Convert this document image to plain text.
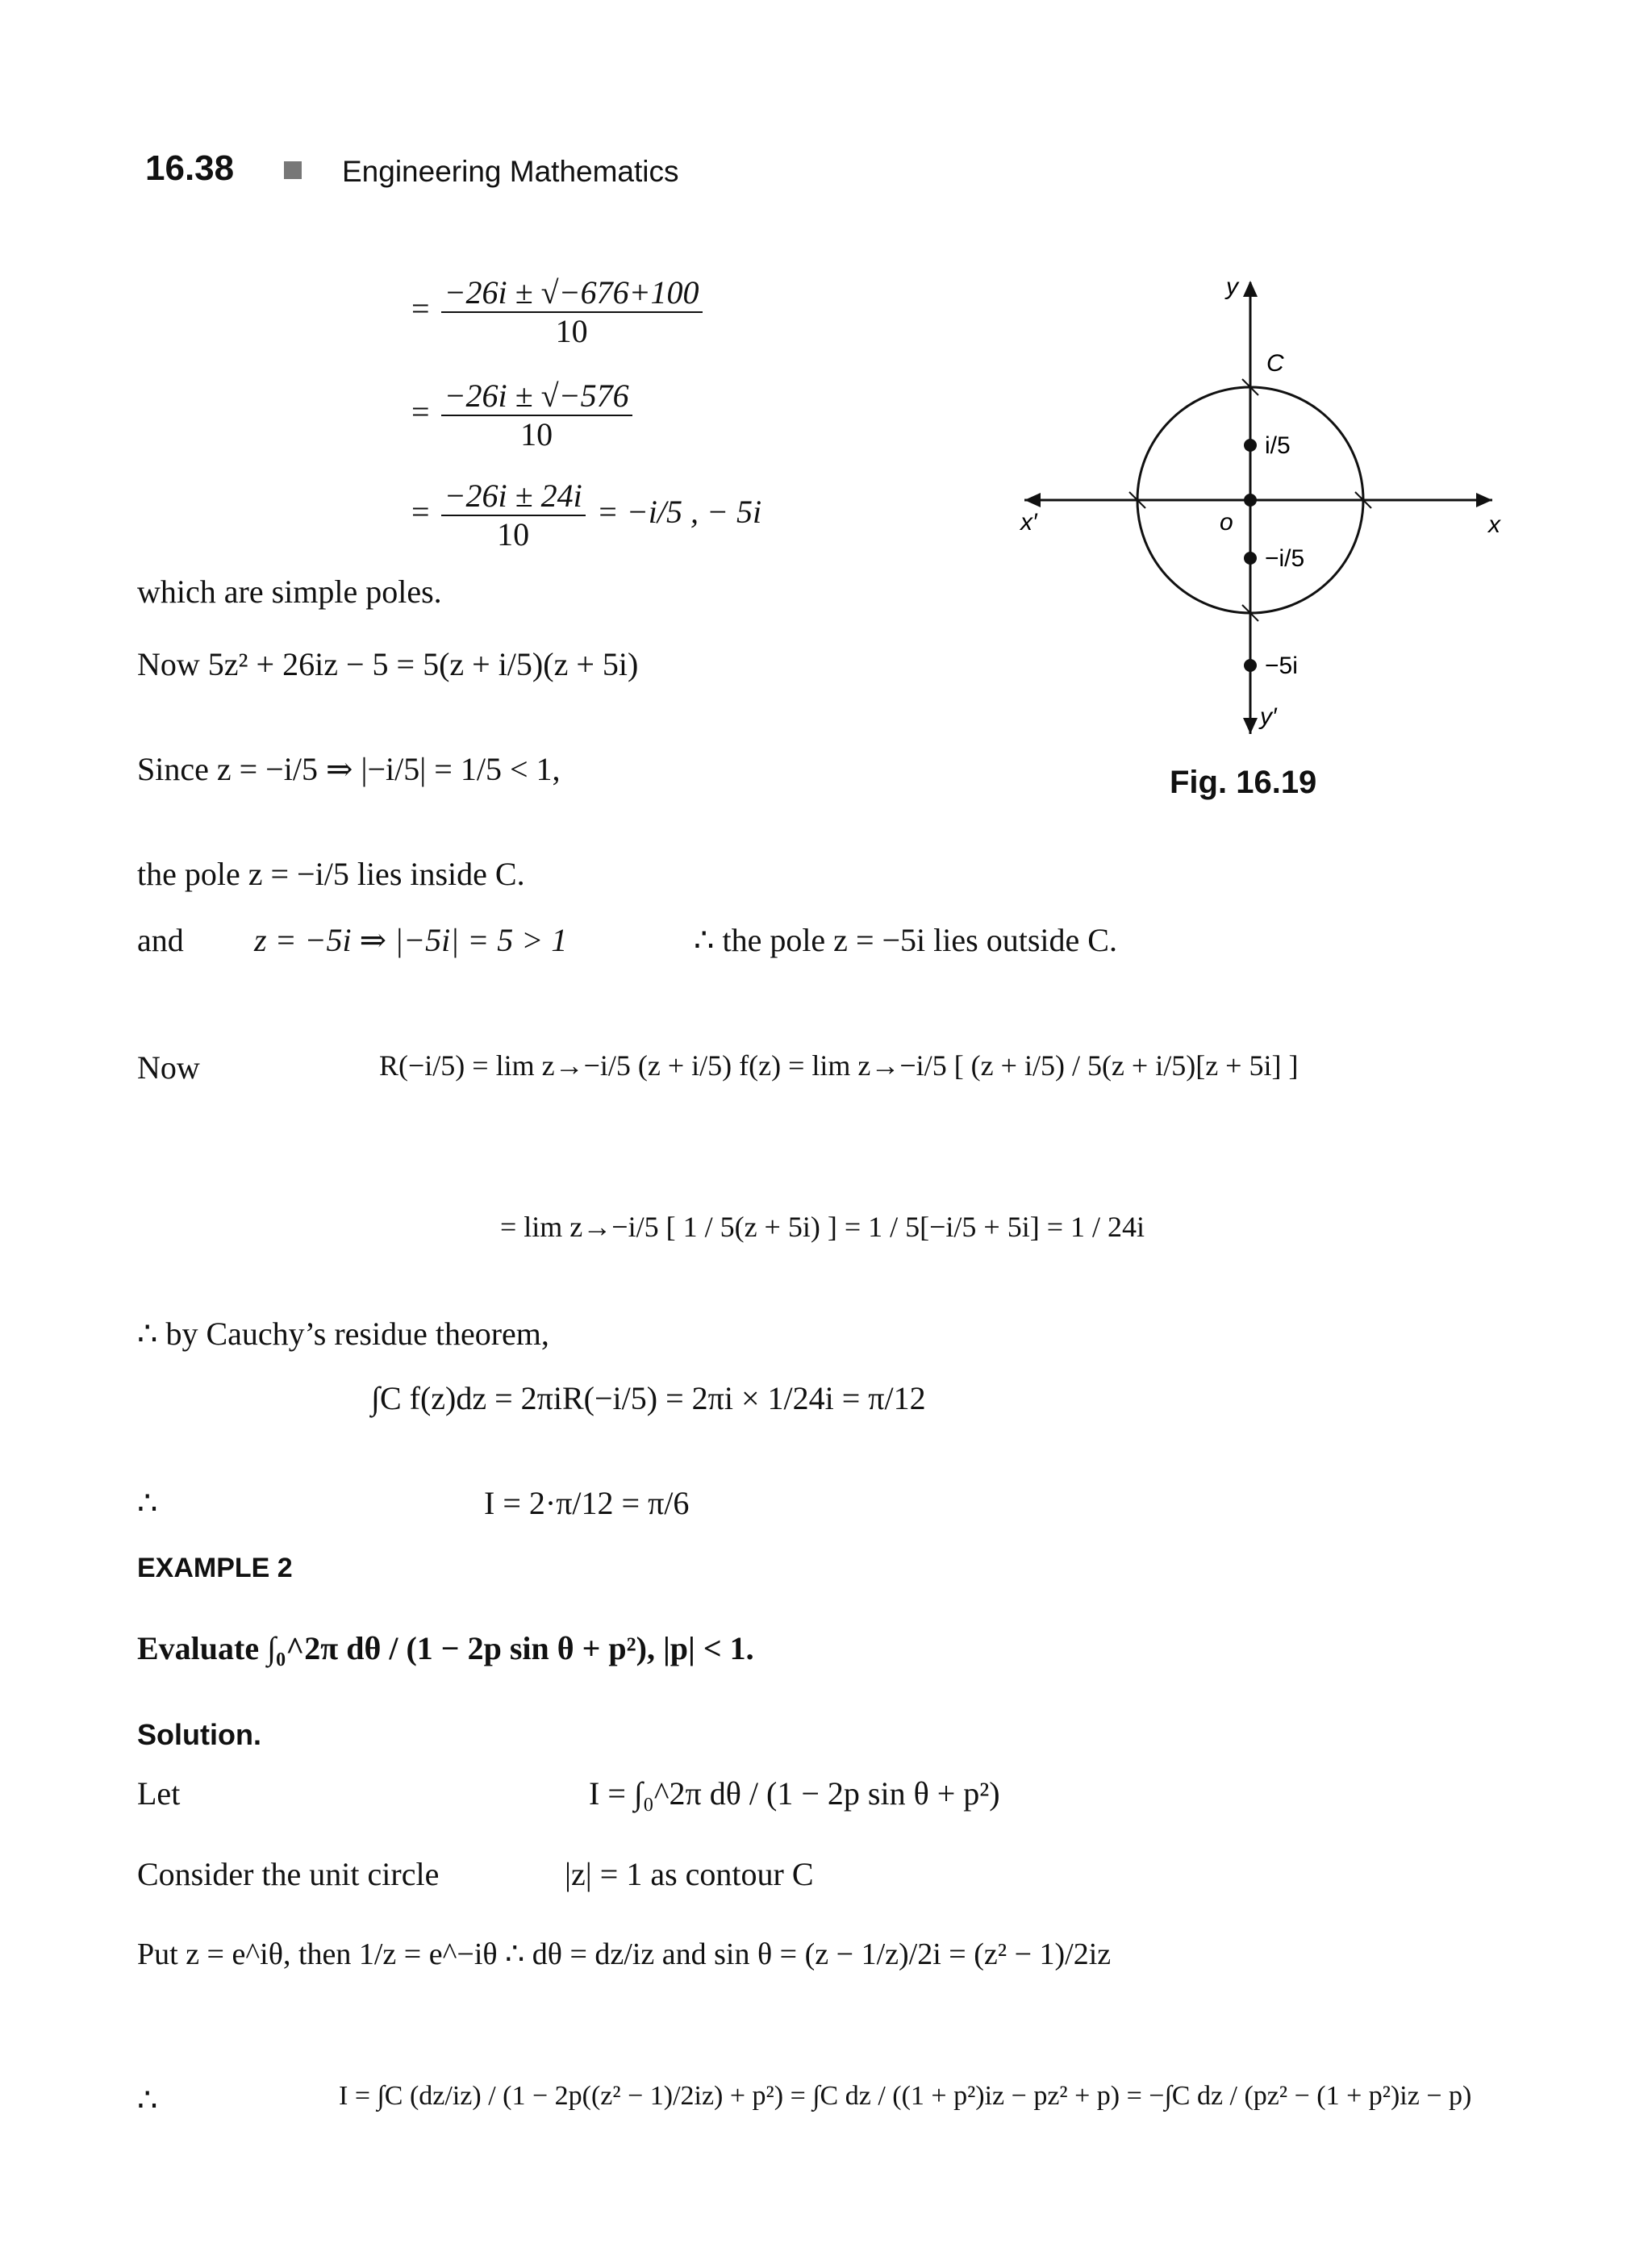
16.38	Engineering Mathematics
= $\frac{-26i \pm √-676+100}{10}$
= $\frac{-26i \pm √-576}{10}$
= $\frac{-26i \pm 24i}{10} = -i/5$ , − 5i
which are simple poles.
Now 5z² + 26iz − 5 = 5(z + i/5)(z + 5i)
Since z = −i/5 ⇒ |−i/5| = 1/5 < 1,
the pole z = −i/5 lies inside C.
and z = −5i ⇒ |−5i| = 5 > 1	∴ the pole z = −5i lies outside C.
Now	R(−i/5) = lim z→−i/5 (z + i/5) f(z) = lim z→−i/5 [ (z + i/5) / 5(z + i/5)[z + 5i] ]
= lim z→−i/5 [ 1 / 5(z + 5i) ] = 1 / 5[−i/5 + 5i] = 1 / 24i
∴ by Cauchy’s residue theorem,
∫C f(z)dz = 2πiR(−i/5) = 2πi × 1/24i = π/12
∴	I = 2·π/12 = π/6
EXAMPLE 2
Evaluate ∫₀^2π dθ / (1 − 2p sin θ + p²), |p| < 1.
Solution.
Let	I = ∫₀^2π dθ / (1 − 2p sin θ + p²)
Consider the unit circle	|z| = 1 as contour C
Put z = e^iθ, then 1/z = e^−iθ ∴ dθ = dz/iz and sin θ = (z − 1/z)/2i = (z² − 1)/2iz
∴	I = ∫C (dz/iz) / (1 − 2p((z² − 1)/2iz) + p²) = ∫C dz / ((1 + p²)iz − pz² + p) = −∫C dz / (pz² − (1 + p²)iz − p)
y
y′
x
x′	o
C
i/5
−i/5
−5i
Fig. 16.19
